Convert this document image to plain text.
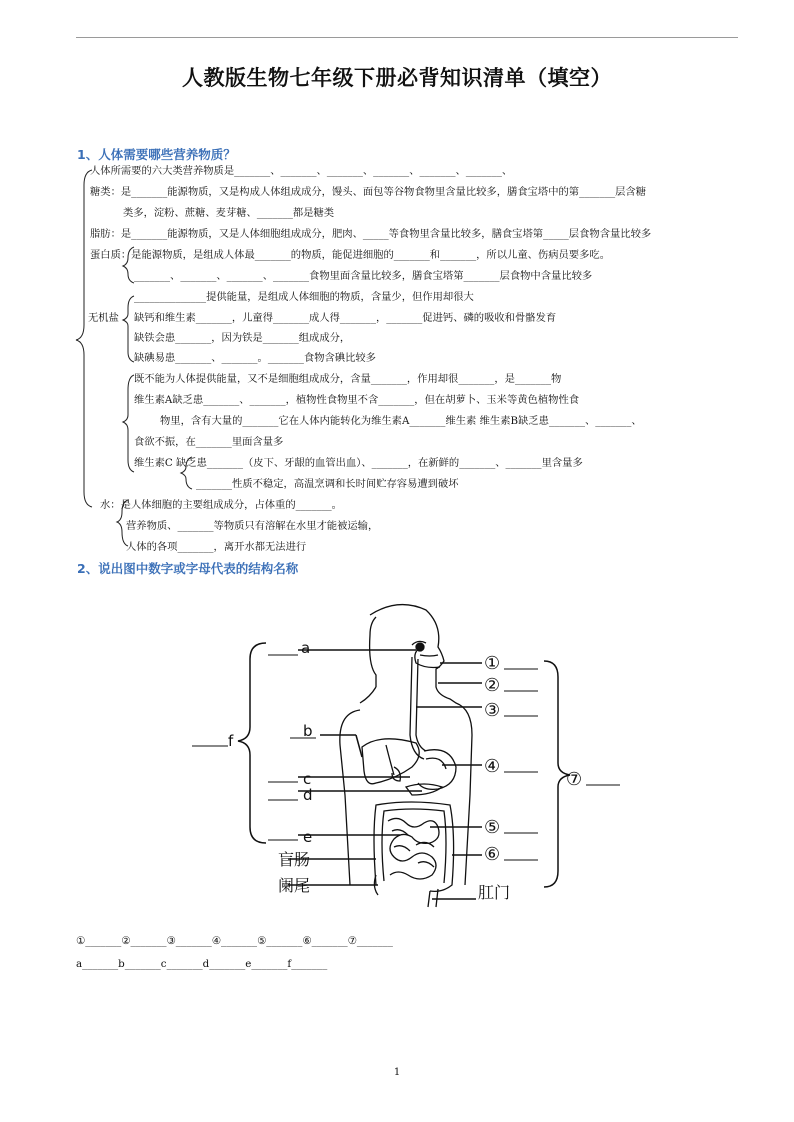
人教版生物七年级下册必背知识清单（填空）
1、人体需要哪些营养物质？
人体所需要的六大类营养物质是_______、_______、_______、_______、_______、_______、
糖类：是_______能源物质，又是构成人体组成成分，馒头、面包等谷物食物里含量比较多，膳食宝塔中的第_______层含糖
类多，淀粉、蔗糖、麦芽糖、_______都是糖类
脂肪：是_______能源物质，又是人体细胞组成成分，肥肉、_____等食物里含量比较多，膳食宝塔第_____层食物含量比较多
蛋白质：是能源物质，是组成人体最_______的物质，能促进细胞的_______和_______，所以儿童、伤病员要多吃。
_______、_______、_______、_______食物里面含量比较多，膳食宝塔第_______层食物中含量比较多
______________提供能量，是组成人体细胞的物质，含量少，但作用却很大
无机盐 缺钙和维生素_______，儿童得_______成人得_______，_______促进钙、磷的吸收和骨骼发育
缺铁会患_______，因为铁是_______组成成分，
缺碘易患_______、_______。_______食物含碘比较多
既不能为人体提供能量，又不是细胞组成成分，含量_______，作用却很_______，是_______物
维生素A缺乏患_______、_______，植物性食物里不含_______，但在胡萝卜、玉米等黄色植物性食
物里，含有大量的_______它在人体内能转化为维生素A_______维生素 维生素B缺乏患_______、_______、
食欲不振，在_______里面含量多
维生素C 缺乏患_______（皮下、牙龈的血管出血）、_______，在新鲜的_______、_______里含量多
_______性质不稳定，高温烹调和长时间贮存容易遭到破坏
水：是人体细胞的主要组成成分，占体重的_______。
营养物质、_______等物质只有溶解在水里才能被运输，
人体的各项_______，离开水都无法进行
2、说出图中数字或字母代表的结构名称
a
b
c
d
e
f
①
②
③
④
⑤
⑥
⑦
盲肠
阑尾	肛门
①_______②_______③_______④_______⑤_______⑥_______⑦_______
a_______b_______c_______d_______e_______f_______
1
